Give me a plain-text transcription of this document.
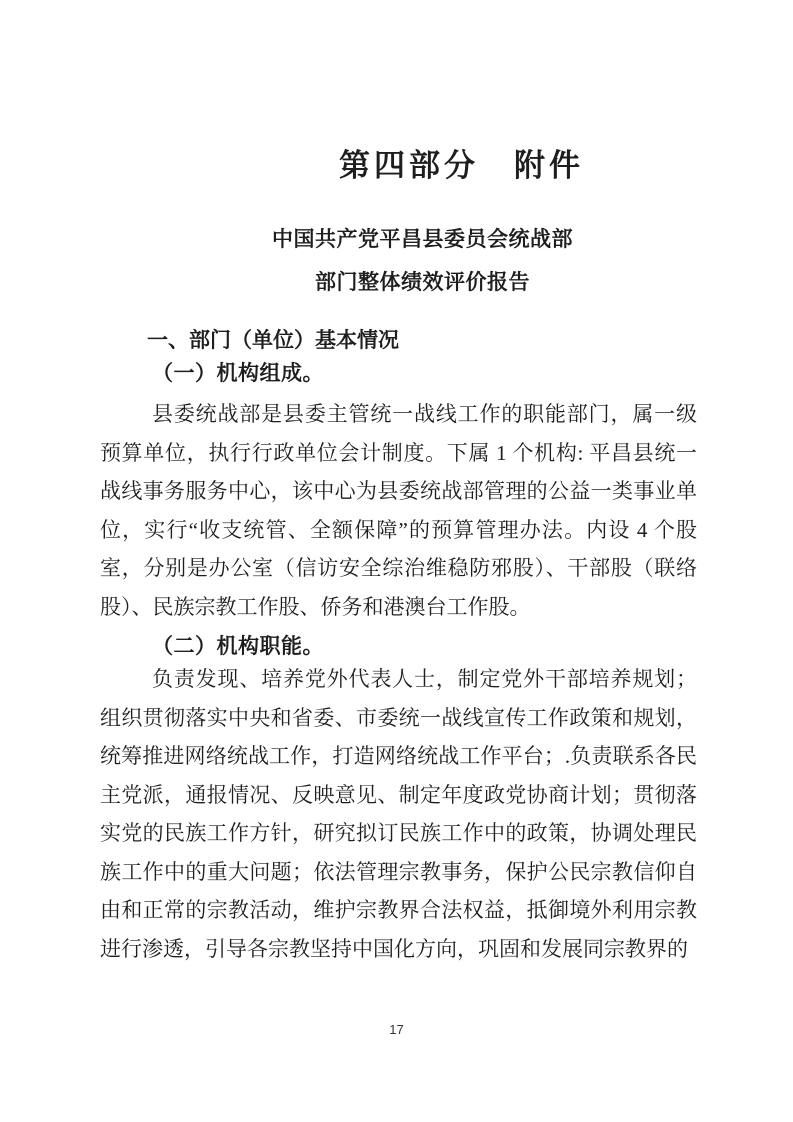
第四部分　附件
中国共产党平昌县委员会统战部
部门整体绩效评价报告
一、部门（单位）基本情况
（一）机构组成。

县委统战部是县委主管统一战线工作的职能部门，属一级预算单位，执行行政单位会计制度。下属 1 个机构: 平昌县统一战线事务服务中心，该中心为县委统战部管理的公益一类事业单位，实行“收支统管、全额保障”的预算管理办法。内设 4 个股室，分别是办公室（信访安全综治维稳防邪股）、干部股（联络股）、民族宗教工作股、侨务和港澳台工作股。

（二）机构职能。

负责发现、培养党外代表人士，制定党外干部培养规划；组织贯彻落实中央和省委、市委统一战线宣传工作政策和规划，统筹推进网络统战工作，打造网络统战工作平台；.负责联系各民主党派，通报情况、反映意见、制定年度政党协商计划；贯彻落实党的民族工作方针，研究拟订民族工作中的政策，协调处理民族工作中的重大问题；依法管理宗教事务，保护公民宗教信仰自由和正常的宗教活动，维护宗教界合法权益，抵御境外利用宗教进行渗透，引导各宗教坚持中国化方向，巩固和发展同宗教界的

17
